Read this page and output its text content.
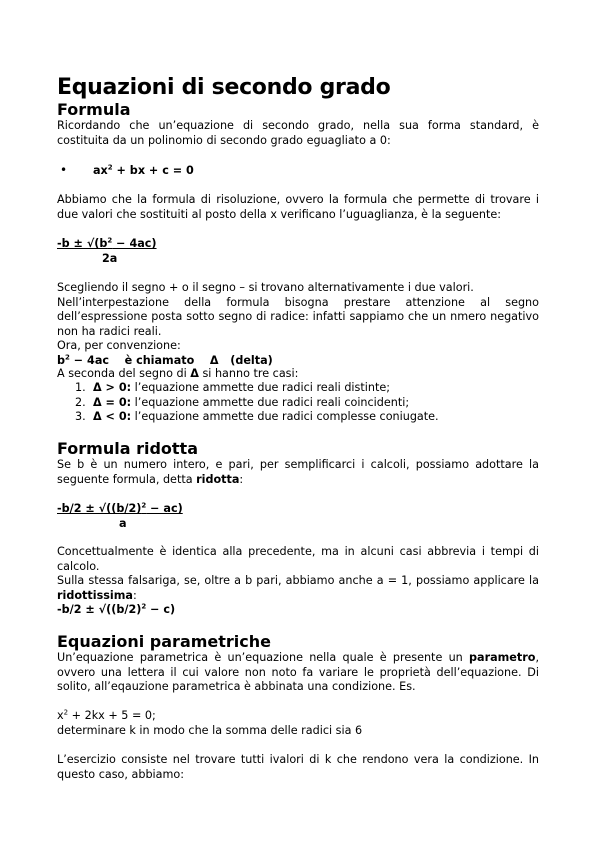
Equazioni di secondo grado
Formula

Ricordando che un’equazione di secondo grado, nella sua forma standard, è costituita da un polinomio di secondo grado eguagliato a 0:

• $ax^2$ + bx + c = 0

Abbiamo che la formula di risoluzione, ovvero la formula che permette di trovare i due valori che sostituiti al posto della x verificano l’uguaglianza, è la seguente:

$-b \pm √(b^2 - 4ac)$

2a

Scegliendo il segno + o il segno – si trovano alternativamente i due valori.

Nell’interpestazione della formula bisogna prestare attenzione al segno dell’espressione posta sotto segno di radice: infatti sappiamo che un nmero negativo non ha radici reali.

Ora, per convenzione:

$b^2 - 4ac$    è chiamato    Δ   (delta)

A seconda del segno di Δ si hanno tre casi:

1. Δ > 0: l’equazione ammette due radici reali distinte;
2. Δ = 0: l’equazione ammette due radici reali coincidenti;
3. Δ < 0: l’equazione ammette due radici complesse coniugate.
Formula ridotta

Se b è un numero intero, e pari, per semplificarci i calcoli, possiamo adottare la seguente formula, detta ridotta:

$-b/2 \pm √((b/2)^2 - ac)$

a

Concettualmente è identica alla precedente, ma in alcuni casi abbrevia i tempi di calcolo.

Sulla stessa falsariga, se, oltre a b pari, abbiamo anche a = 1, possiamo applicare la ridottissima:

$-b/2 \pm √((b/2)^2 - c)$

Equazioni parametriche

Un’equazione parametrica è un’equazione nella quale è presente un parametro, ovvero una lettera il cui valore non noto fa variare le proprietà dell’equazione. Di solito, all’eqauzione parametrica è abbinata una condizione. Es.

$x^2 + 2kx + 5 = 0$;

determinare k in modo che la somma delle radici sia 6

L’esercizio consiste nel trovare tutti ivalori di k che rendono vera la condizione. In questo caso, abbiamo:
